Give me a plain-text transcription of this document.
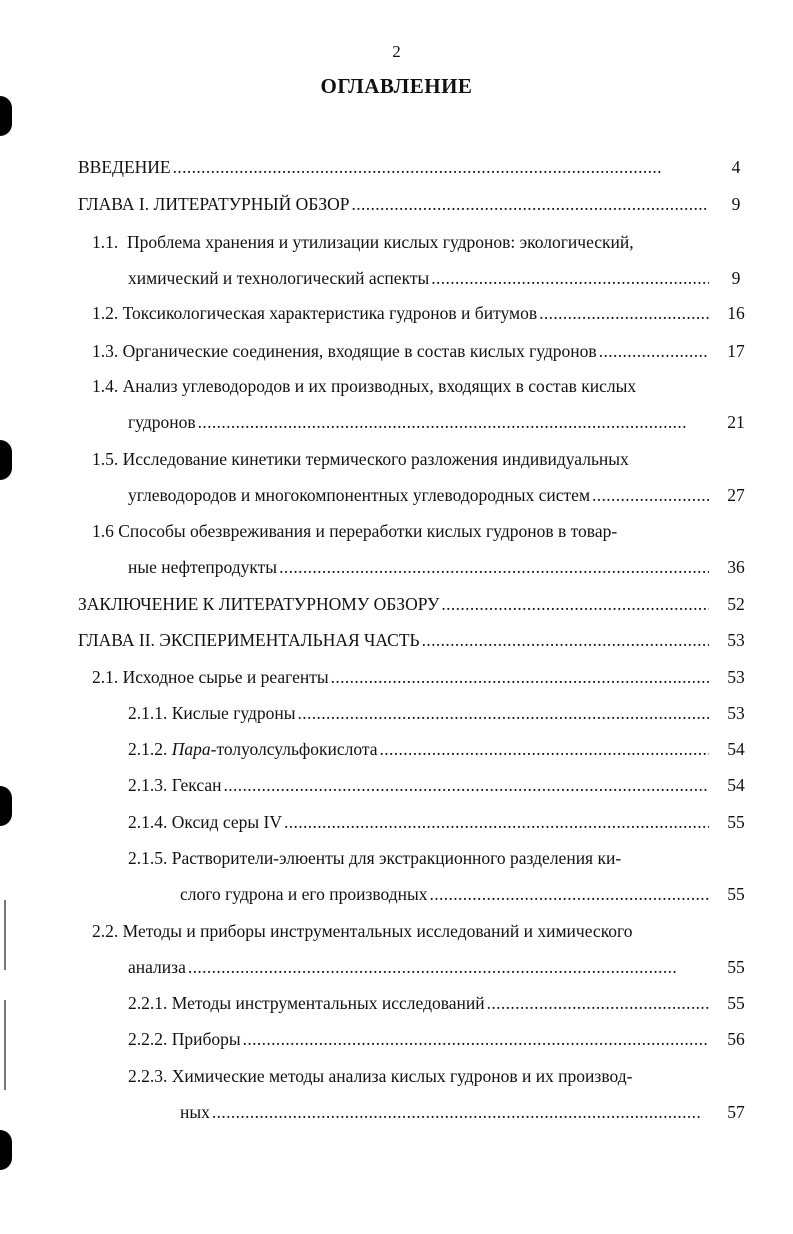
2
ОГЛАВЛЕНИЕ
ВВЕДЕНИЕ . . .	4
ГЛАВА I. ЛИТЕРАТУРНЫЙ ОБЗОР . . .	9
1.1. Проблема хранения и утилизации кислых гудронов: экологический,
химический и технологический аспекты . . .	9
1.2. Токсикологическая характеристика гудронов и битумов . . .	16
1.3. Органические соединения, входящие в состав кислых гудронов . . .	17
1.4. Анализ углеводородов и их производных, входящих в состав кислых
гудронов . . .	21
1.5. Исследование кинетики термического разложения индивидуальных
углеводородов и многокомпонентных углеводородных систем . . .	27
1.6 Способы обезвреживания и переработки кислых гудронов в товар-
ные нефтепродукты . . .	36
ЗАКЛЮЧЕНИЕ К ЛИТЕРАТУРНОМУ ОБЗОРУ . . .	52
ГЛАВА II. ЭКСПЕРИМЕНТАЛЬНАЯ ЧАСТЬ . . .	53
2.1. Исходное сырье и реагенты . . .	53
2.1.1. Кислые гудроны . . .	53
2.1.2. Пара-толуолсульфокислота . . .	54
2.1.3. Гексан . . .	54
2.1.4. Оксид серы IV . . .	55
2.1.5. Растворители-элюенты для экстракционного разделения ки-
слого гудрона и его производных . . .	55
2.2. Методы и приборы инструментальных исследований и химического
анализа . . .	55
2.2.1. Методы инструментальных исследований . . .	55
2.2.2. Приборы . . .	56
2.2.3. Химические методы анализа кислых гудронов и их производ-
ных . . .	57
